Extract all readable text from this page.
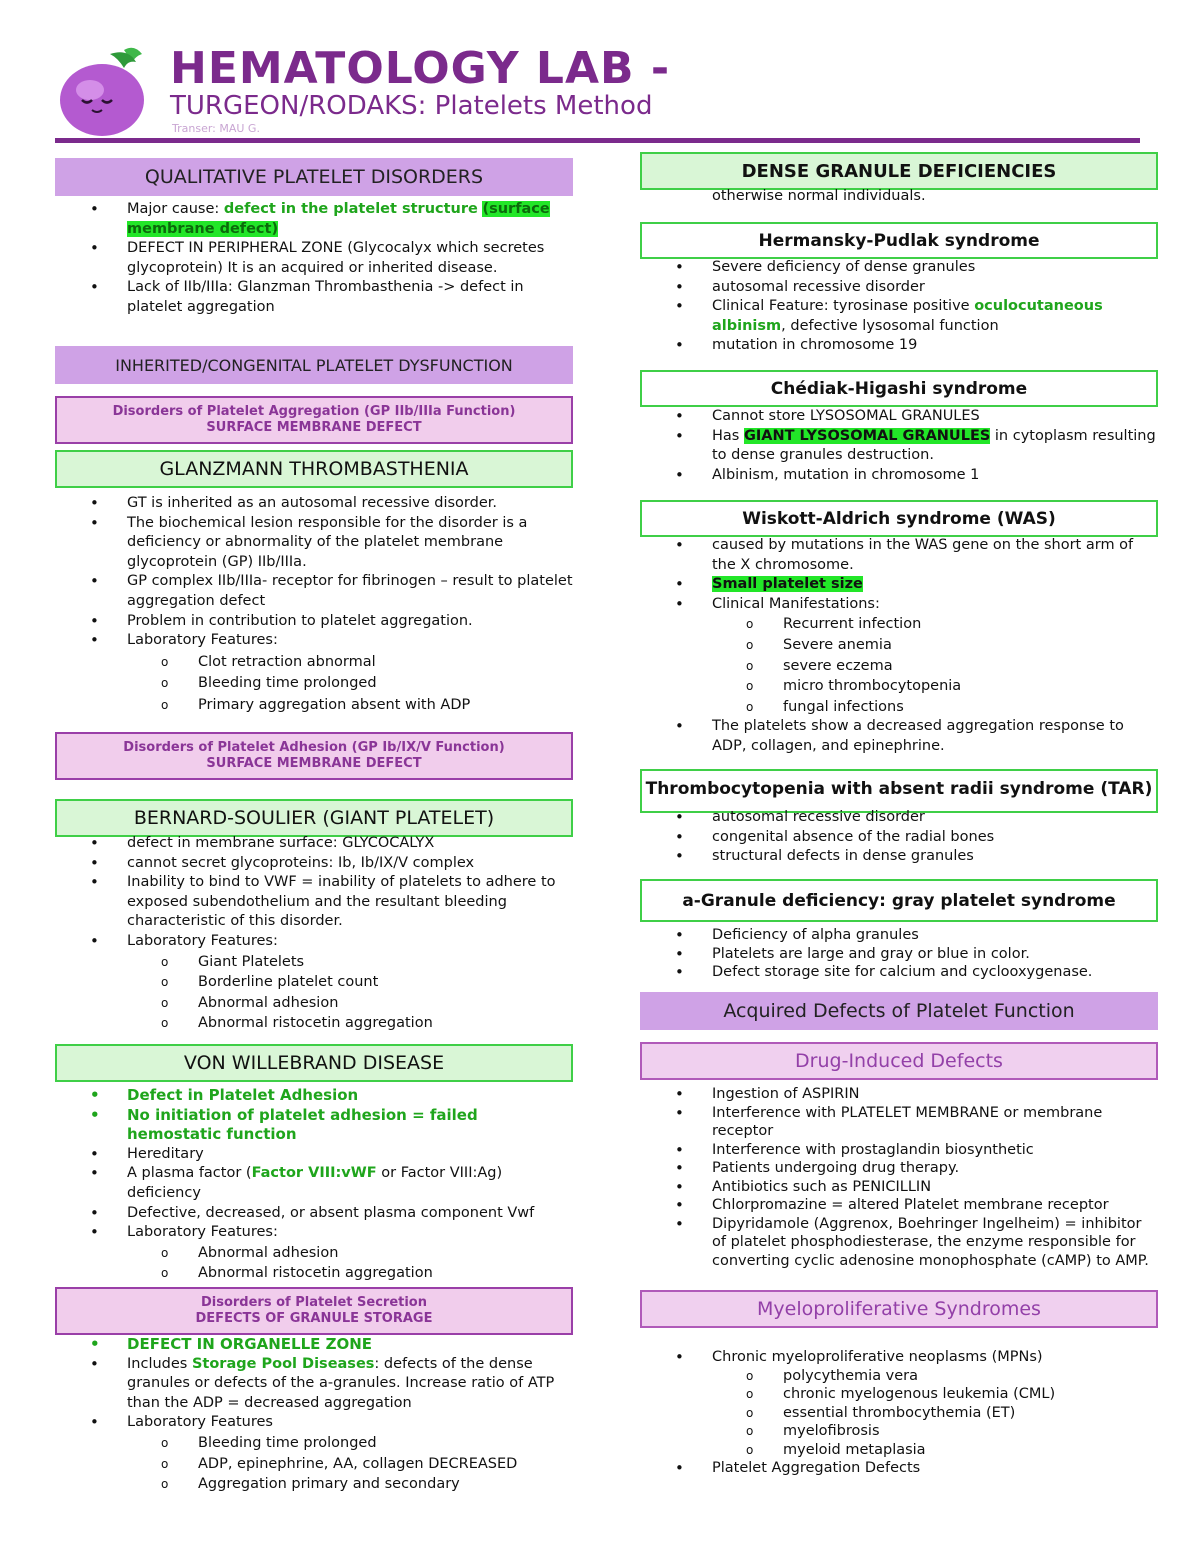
HEMATOLOGY LAB -
TURGEON/RODAKS: Platelets Method
Transer: MAU G.
QUALITATIVE PLATELET DISORDERS
• Major cause: defect in the platelet structure (surface membrane defect)
• DEFECT IN PERIPHERAL ZONE (Glycocalyx which secretes glycoprotein) It is an acquired or inherited disease.
• Lack of IIb/IIIa: Glanzman Thrombasthenia -> defect in platelet aggregation
INHERITED/CONGENITAL PLATELET DYSFUNCTION
Disorders of Platelet Aggregation (GP IIb/IIIa Function)
SURFACE MEMBRANE DEFECT
GLANZMANN THROMBASTHENIA
• GT is inherited as an autosomal recessive disorder.
• The biochemical lesion responsible for the disorder is a deficiency or abnormality of the platelet membrane glycoprotein (GP) IIb/IIIa.
• GP complex IIb/IIIa- receptor for fibrinogen – result to platelet aggregation defect
• Problem in contribution to platelet aggregation.
• Laboratory Features:
o Clot retraction abnormal
o Bleeding time prolonged
o Primary aggregation absent with ADP
Disorders of Platelet Adhesion (GP Ib/IX/V Function)
SURFACE MEMBRANE DEFECT
BERNARD-SOULIER (GIANT PLATELET)
• defect in membrane surface: GLYCOCALYX
• cannot secret glycoproteins: Ib, Ib/IX/V complex
• Inability to bind to VWF = inability of platelets to adhere to exposed subendothelium and the resultant bleeding characteristic of this disorder.
• Laboratory Features:
o Giant Platelets
o Borderline platelet count
o Abnormal adhesion
o Abnormal ristocetin aggregation
VON WILLEBRAND DISEASE
• Defect in Platelet Adhesion
• No initiation of platelet adhesion = failed hemostatic function
• Hereditary
• A plasma factor (Factor VIII:vWF or Factor VIII:Ag) deficiency
• Defective, decreased, or absent plasma component Vwf
• Laboratory Features:
o Abnormal adhesion
o Abnormal ristocetin aggregation
Disorders of Platelet Secretion
DEFECTS OF GRANULE STORAGE
• DEFECT IN ORGANELLE ZONE
• Includes Storage Pool Diseases: defects of the dense granules or defects of the a-granules. Increase ratio of ATP than the ADP = decreased aggregation
• Laboratory Features
o Bleeding time prolonged
o ADP, epinephrine, AA, collagen DECREASED
o Aggregation primary and secondary
DENSE GRANULE DEFICIENCIES
otherwise normal individuals.
Hermansky-Pudlak syndrome
• Severe deficiency of dense granules
• autosomal recessive disorder
• Clinical Feature: tyrosinase positive oculocutaneous albinism, defective lysosomal function
• mutation in chromosome 19
Chédiak-Higashi syndrome
• Cannot store LYSOSOMAL GRANULES
• Has GIANT LYSOSOMAL GRANULES in cytoplasm resulting to dense granules destruction.
• Albinism, mutation in chromosome 1
Wiskott-Aldrich syndrome (WAS)
• caused by mutations in the WAS gene on the short arm of the X chromosome.
• Small platelet size
• Clinical Manifestations:
o Recurrent infection
o Severe anemia
o severe eczema
o micro thrombocytopenia
o fungal infections
• The platelets show a decreased aggregation response to ADP, collagen, and epinephrine.
Thrombocytopenia with absent radii syndrome (TAR)
• autosomal recessive disorder
• congenital absence of the radial bones
• structural defects in dense granules
a-Granule deficiency: gray platelet syndrome
• Deficiency of alpha granules
• Platelets are large and gray or blue in color.
• Defect storage site for calcium and cyclooxygenase.
Acquired Defects of Platelet Function
Drug-Induced Defects
• Ingestion of ASPIRIN
• Interference with PLATELET MEMBRANE or membrane receptor
• Interference with prostaglandin biosynthetic
• Patients undergoing drug therapy.
• Antibiotics such as PENICILLIN
• Chlorpromazine = altered Platelet membrane receptor
• Dipyridamole (Aggrenox, Boehringer Ingelheim) = inhibitor of platelet phosphodiesterase, the enzyme responsible for converting cyclic adenosine monophosphate (cAMP) to AMP.
Myeloproliferative Syndromes
• Chronic myeloproliferative neoplasms (MPNs)
o polycythemia vera
o chronic myelogenous leukemia (CML)
o essential thrombocythemia (ET)
o myelofibrosis
o myeloid metaplasia
• Platelet Aggregation Defects
